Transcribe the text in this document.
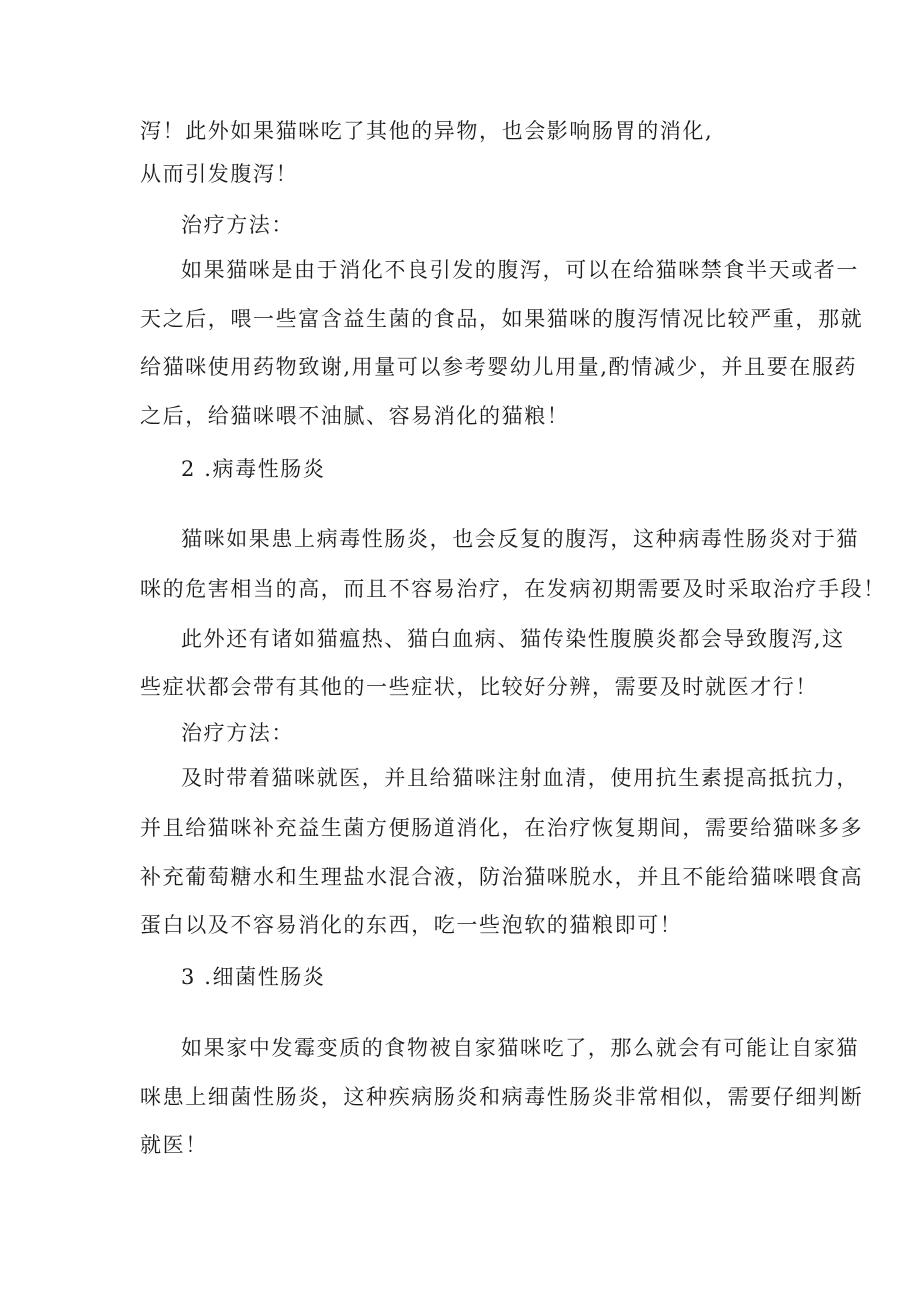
泻！此外如果猫咪吃了其他的异物，也会影响肠胃的消化,
从而引发腹泻！
治疗方法：
如果猫咪是由于消化不良引发的腹泻，可以在给猫咪禁食半天或者一
天之后，喂一些富含益生菌的食品，如果猫咪的腹泻情况比较严重，那就
给猫咪使用药物致谢,用量可以参考婴幼儿用量,酌情减少，并且要在服药
之后，给猫咪喂不油腻、容易消化的猫粮！
2 .病毒性肠炎
猫咪如果患上病毒性肠炎，也会反复的腹泻，这种病毒性肠炎对于猫
咪的危害相当的高，而且不容易治疗，在发病初期需要及时采取治疗手段！
此外还有诸如猫瘟热、猫白血病、猫传染性腹膜炎都会导致腹泻,这
些症状都会带有其他的一些症状，比较好分辨，需要及时就医才行！
治疗方法：
及时带着猫咪就医，并且给猫咪注射血清，使用抗生素提高抵抗力，
并且给猫咪补充益生菌方便肠道消化，在治疗恢复期间，需要给猫咪多多
补充葡萄糖水和生理盐水混合液，防治猫咪脱水，并且不能给猫咪喂食高
蛋白以及不容易消化的东西，吃一些泡软的猫粮即可！
3 .细菌性肠炎
如果家中发霉变质的食物被自家猫咪吃了，那么就会有可能让自家猫
咪患上细菌性肠炎，这种疾病肠炎和病毒性肠炎非常相似，需要仔细判断
就医！
